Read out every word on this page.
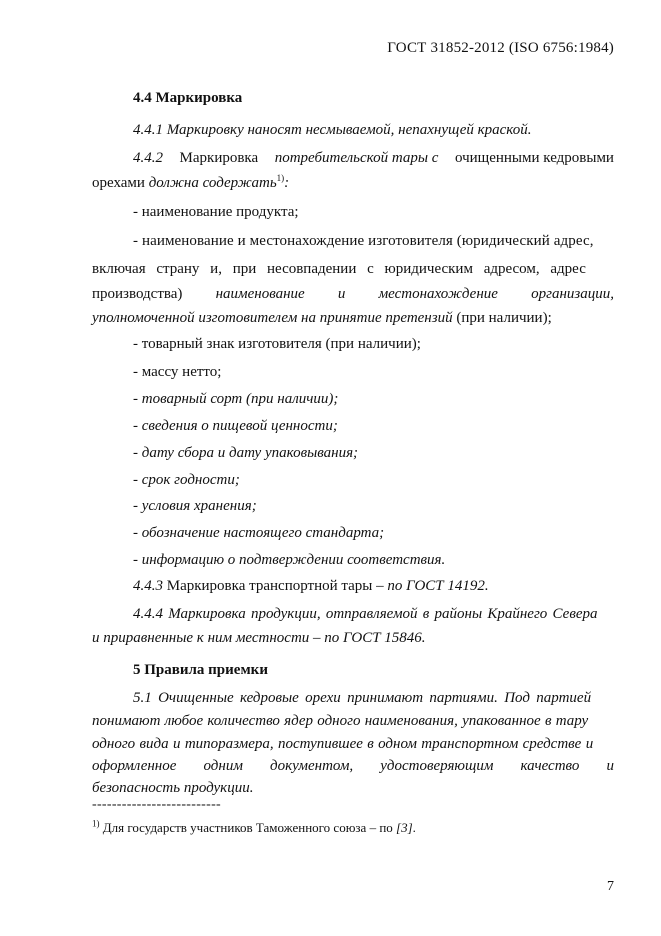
ГОСТ 31852-2012 (ISO 6756:1984)
4.4 Маркировка
4.4.1 Маркировку наносят несмываемой, непахнущей краской.
4.4.2 Маркировка потребительской тары с очищенными кедровыми
орехами должна содержать$^{1)}$:
- наименование продукта;
- наименование и местонахождение изготовителя (юридический адрес,
включая страну и, при несовпадении с юридическим адресом, адрес
производства) наименование и местонахождение организации,
уполномоченной изготовителем на принятие претензий (при наличии);
- товарный знак изготовителя (при наличии);
- массу нетто;
- товарный сорт (при наличии);
- сведения о пищевой ценности;
- дату сбора и дату упаковывания;
- срок годности;
- условия хранения;
- обозначение настоящего стандарта;
- информацию о подтверждении соответствия.
4.4.3 Маркировка транспортной тары – по ГОСТ 14192.
4.4.4 Маркировка продукции, отправляемой в районы Крайнего Севера
и приравненные к ним местности – по ГОСТ 15846.
5 Правила приемки
5.1 Очищенные кедровые орехи принимают партиями. Под партией
понимают любое количество ядер одного наименования, упакованное в тару
одного вида и типоразмера, поступившее в одном транспортном средстве и
оформленное одним документом, удостоверяющим качество и
безопасность продукции.
--------------------------
$^{1)}$ Для государств участников Таможенного союза – по [3].
7
